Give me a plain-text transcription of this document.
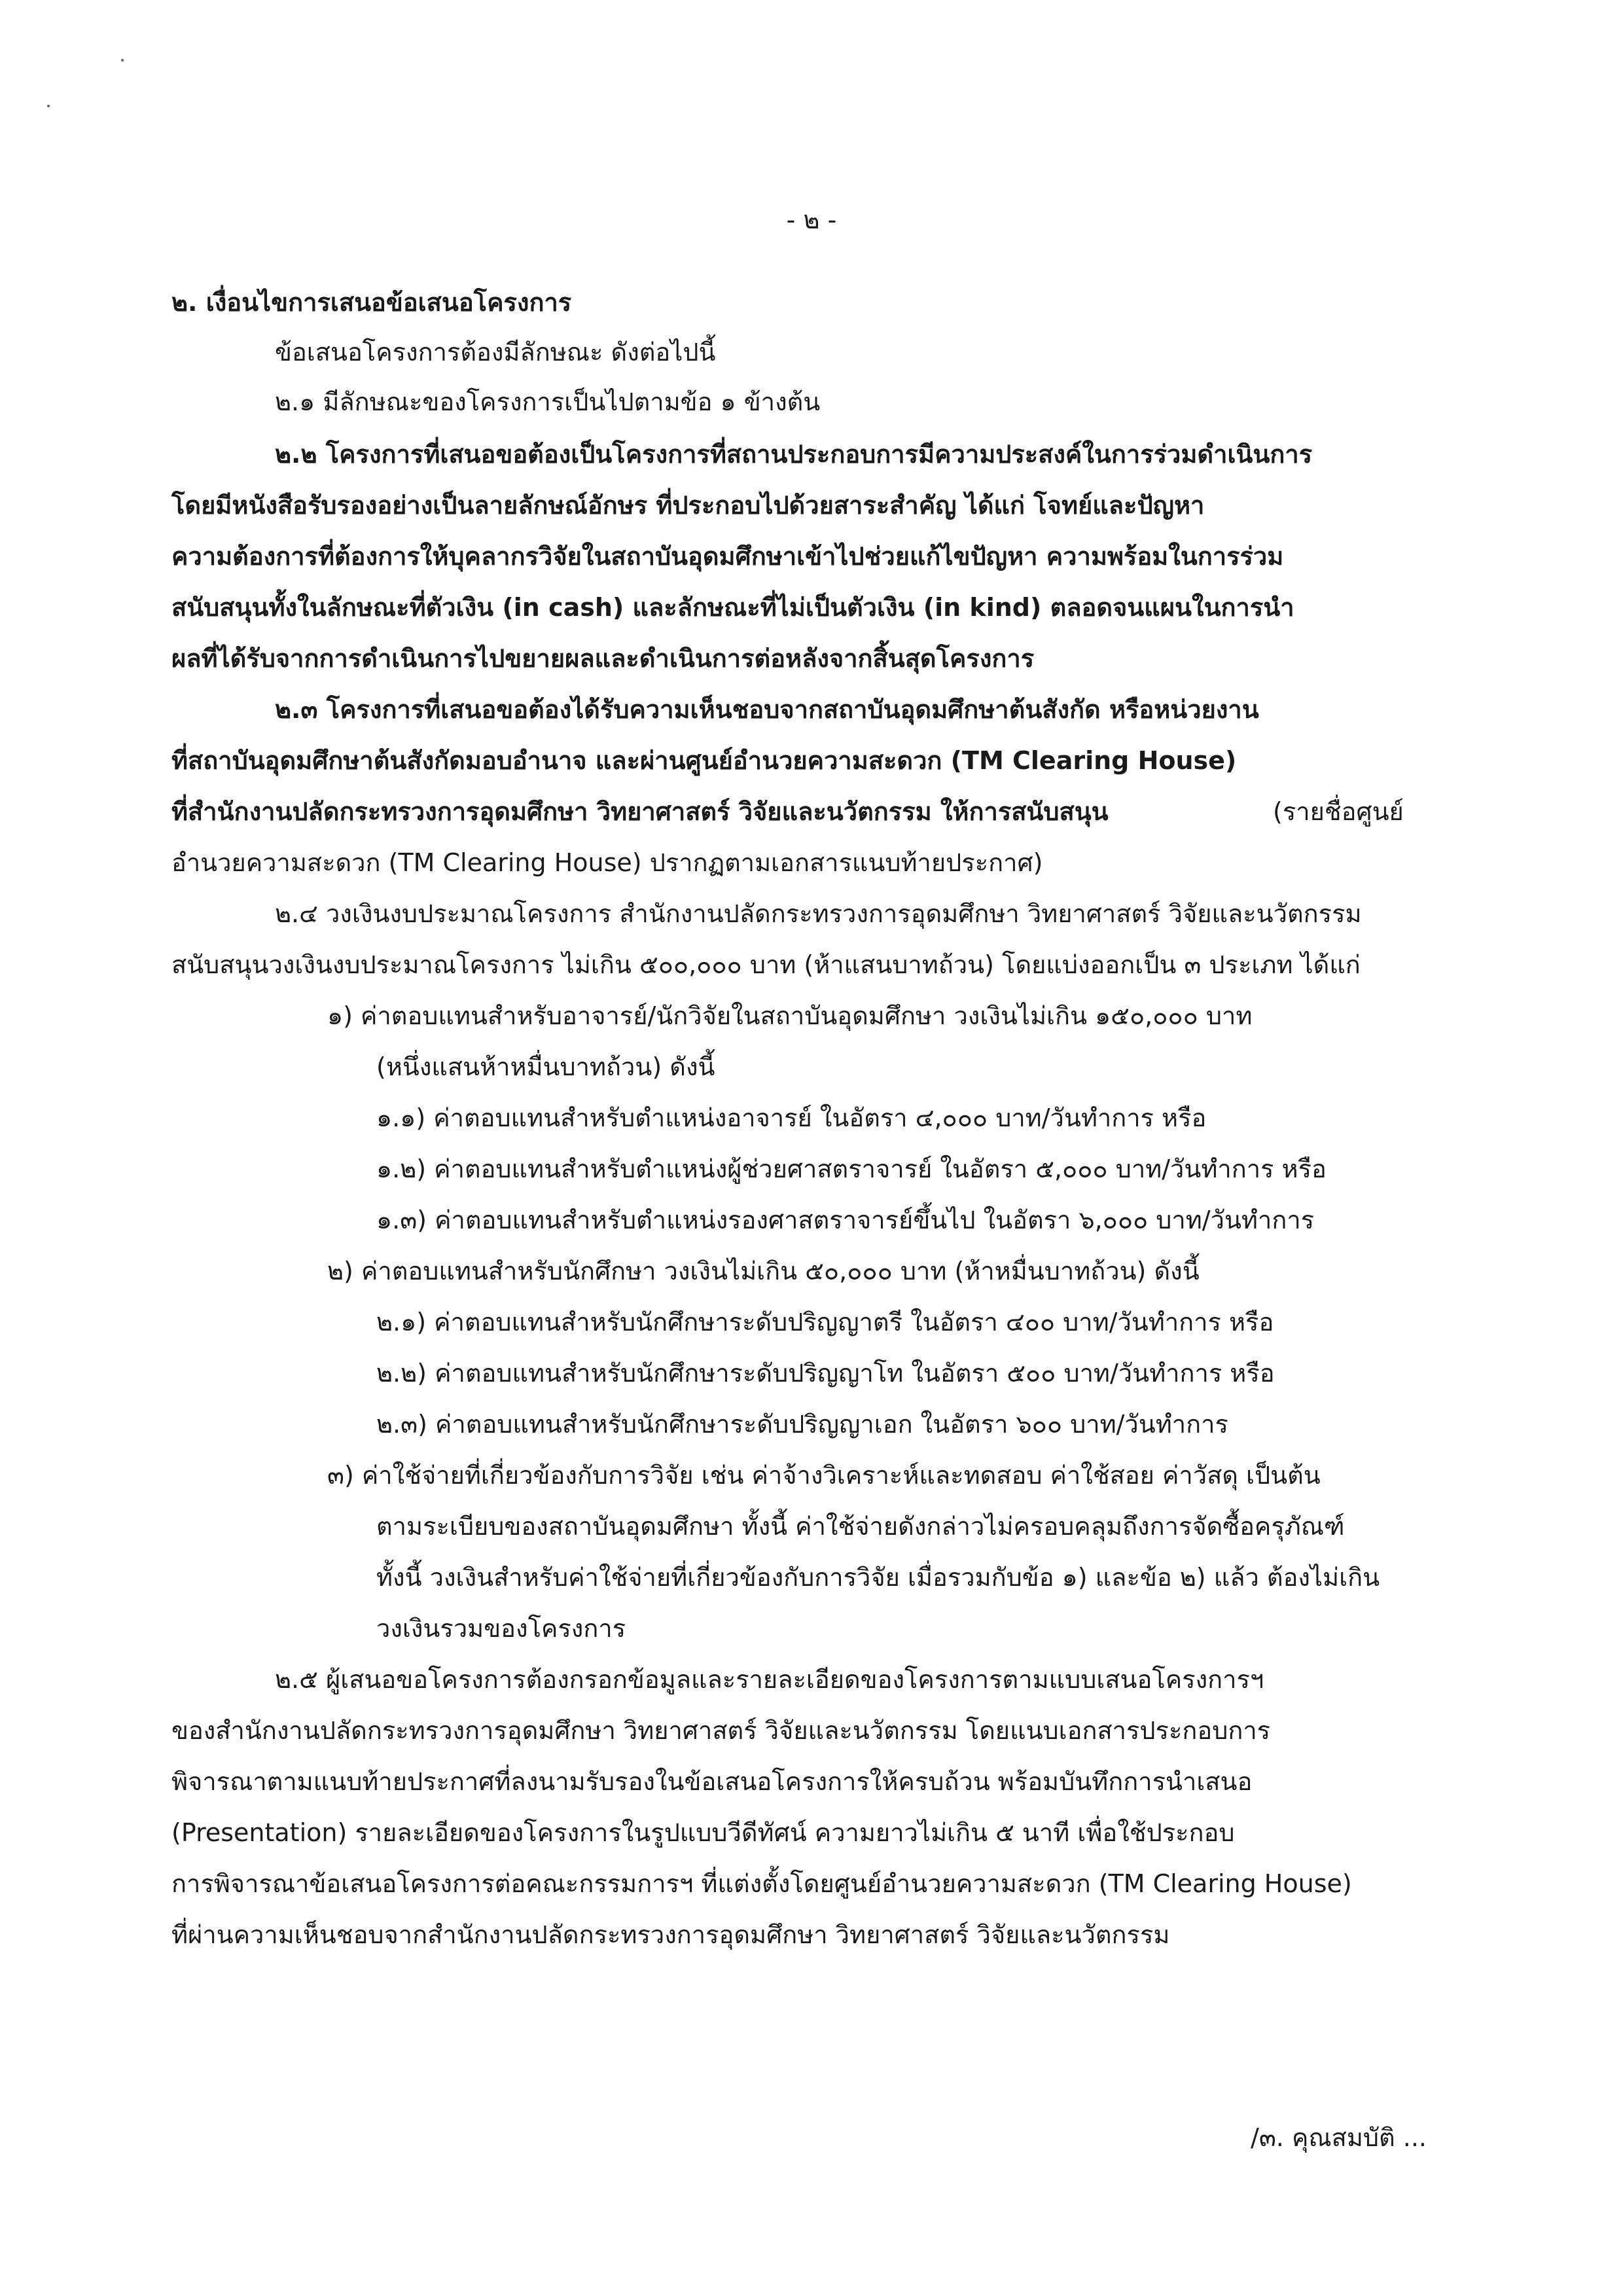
- ๒ -
๒. เงื่อนไขการเสนอข้อเสนอโครงการ
ข้อเสนอโครงการต้องมีลักษณะ ดังต่อไปนี้
๒.๑ มีลักษณะของโครงการเป็นไปตามข้อ ๑ ข้างต้น
๒.๒ โครงการที่เสนอขอต้องเป็นโครงการที่สถานประกอบการมีความประสงค์ในการร่วมดำเนินการ
โดยมีหนังสือรับรองอย่างเป็นลายลักษณ์อักษร ที่ประกอบไปด้วยสาระสำคัญ ได้แก่ โจทย์และปัญหา
ความต้องการที่ต้องการให้บุคลากรวิจัยในสถาบันอุดมศึกษาเข้าไปช่วยแก้ไขปัญหา ความพร้อมในการร่วม
สนับสนุนทั้งในลักษณะที่ตัวเงิน (in cash) และลักษณะที่ไม่เป็นตัวเงิน (in kind) ตลอดจนแผนในการนำ
ผลที่ได้รับจากการดำเนินการไปขยายผลและดำเนินการต่อหลังจากสิ้นสุดโครงการ
๒.๓ โครงการที่เสนอขอต้องได้รับความเห็นชอบจากสถาบันอุดมศึกษาต้นสังกัด หรือหน่วยงาน
ที่สถาบันอุดมศึกษาต้นสังกัดมอบอำนาจ และผ่านศูนย์อำนวยความสะดวก (TM Clearing House)
ที่สำนักงานปลัดกระทรวงการอุดมศึกษา วิทยาศาสตร์ วิจัยและนวัตกรรม ให้การสนับสนุน	(รายชื่อศูนย์
อำนวยความสะดวก (TM Clearing House) ปรากฏตามเอกสารแนบท้ายประกาศ)
๒.๔ วงเงินงบประมาณโครงการ สำนักงานปลัดกระทรวงการอุดมศึกษา วิทยาศาสตร์ วิจัยและนวัตกรรม
สนับสนุนวงเงินงบประมาณโครงการ ไม่เกิน ๕๐๐,๐๐๐ บาท (ห้าแสนบาทถ้วน) โดยแบ่งออกเป็น ๓ ประเภท ได้แก่
๑) ค่าตอบแทนสำหรับอาจารย์/นักวิจัยในสถาบันอุดมศึกษา วงเงินไม่เกิน ๑๕๐,๐๐๐ บาท
(หนึ่งแสนห้าหมื่นบาทถ้วน) ดังนี้
๑.๑) ค่าตอบแทนสำหรับตำแหน่งอาจารย์ ในอัตรา ๔,๐๐๐ บาท/วันทำการ หรือ
๑.๒) ค่าตอบแทนสำหรับตำแหน่งผู้ช่วยศาสตราจารย์ ในอัตรา ๕,๐๐๐ บาท/วันทำการ หรือ
๑.๓) ค่าตอบแทนสำหรับตำแหน่งรองศาสตราจารย์ขึ้นไป ในอัตรา ๖,๐๐๐ บาท/วันทำการ
๒) ค่าตอบแทนสำหรับนักศึกษา วงเงินไม่เกิน ๕๐,๐๐๐ บาท (ห้าหมื่นบาทถ้วน) ดังนี้
๒.๑) ค่าตอบแทนสำหรับนักศึกษาระดับปริญญาตรี ในอัตรา ๔๐๐ บาท/วันทำการ หรือ
๒.๒) ค่าตอบแทนสำหรับนักศึกษาระดับปริญญาโท ในอัตรา ๕๐๐ บาท/วันทำการ หรือ
๒.๓) ค่าตอบแทนสำหรับนักศึกษาระดับปริญญาเอก ในอัตรา ๖๐๐ บาท/วันทำการ
๓) ค่าใช้จ่ายที่เกี่ยวข้องกับการวิจัย เช่น ค่าจ้างวิเคราะห์และทดสอบ ค่าใช้สอย ค่าวัสดุ เป็นต้น
ตามระเบียบของสถาบันอุดมศึกษา ทั้งนี้ ค่าใช้จ่ายดังกล่าวไม่ครอบคลุมถึงการจัดซื้อครุภัณฑ์
ทั้งนี้ วงเงินสำหรับค่าใช้จ่ายที่เกี่ยวข้องกับการวิจัย เมื่อรวมกับข้อ ๑) และข้อ ๒) แล้ว ต้องไม่เกิน
วงเงินรวมของโครงการ
๒.๕ ผู้เสนอขอโครงการต้องกรอกข้อมูลและรายละเอียดของโครงการตามแบบเสนอโครงการฯ
ของสำนักงานปลัดกระทรวงการอุดมศึกษา วิทยาศาสตร์ วิจัยและนวัตกรรม โดยแนบเอกสารประกอบการ
พิจารณาตามแนบท้ายประกาศที่ลงนามรับรองในข้อเสนอโครงการให้ครบถ้วน พร้อมบันทึกการนำเสนอ
(Presentation) รายละเอียดของโครงการในรูปแบบวีดีทัศน์ ความยาวไม่เกิน ๕ นาที เพื่อใช้ประกอบ
การพิจารณาข้อเสนอโครงการต่อคณะกรรมการฯ ที่แต่งตั้งโดยศูนย์อำนวยความสะดวก (TM Clearing House)
ที่ผ่านความเห็นชอบจากสำนักงานปลัดกระทรวงการอุดมศึกษา วิทยาศาสตร์ วิจัยและนวัตกรรม
/๓. คุณสมบัติ ...
